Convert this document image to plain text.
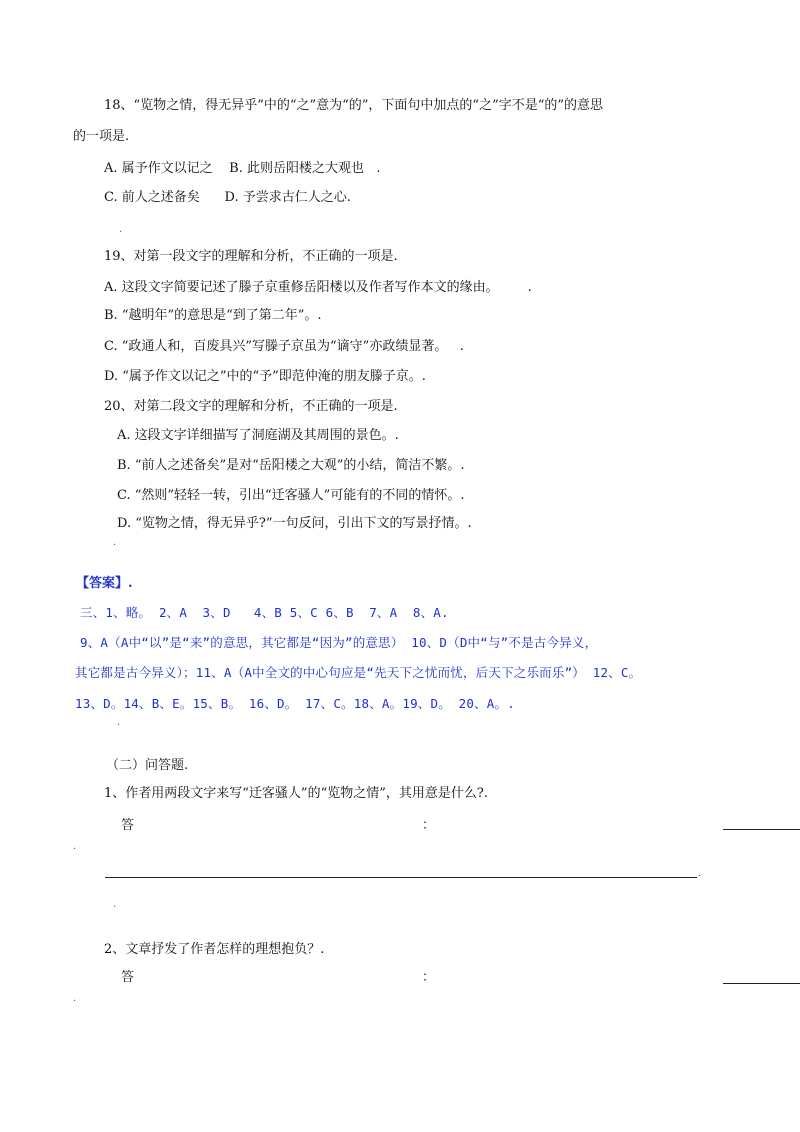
18、“览物之情，得无异乎”中的“之”意为“的”，下面句中加点的“之”字不是“的”的意思
的一项是.
A. 属予作文以记之    B. 此则岳阳楼之大观也   .
C. 前人之述备矣      D. 予尝求古仁人之心.
.
19、对第一段文字的理解和分析，不正确的一项是.
A. 这段文字简要记述了滕子京重修岳阳楼以及作者写作本文的缘由。       .
B. “越明年”的意思是“到了第二年”。.
C. “政通人和，百废具兴”写滕子京虽为“谪守”亦政绩显著。   .
D. “属予作文以记之”中的“予”即范仲淹的朋友滕子京。.
20、对第二段文字的理解和分析，不正确的一项是.
A. 这段文字详细描写了洞庭湖及其周围的景色。.
B. “前人之述备矣”是对“岳阳楼之大观”的小结，简洁不繁。.
C. “然则”轻轻一转，引出“迁客骚人”可能有的不同的情怀。.
D. “览物之情，得无异乎?”一句反问，引出下文的写景抒情。.
.
【答案】.
三、1、略。 2、A  3、D   4、B 5、C 6、B  7、A  8、A.
9、A（A中“以”是“来”的意思，其它都是“因为”的意思） 10、D（D中“与”不是古今异义，
其它都是古今异义）；11、A（A中全文的中心句应是“先天下之忧而忧，后天下之乐而乐”） 12、C。
13、D。14、B、E。15、B。 16、D。 17、C。18、A。19、D。 20、A。.
.
（二）问答题.
1、作者用两段文字来写“迁客骚人”的“览物之情”，其用意是什么?.
答	：
.
.
.
2、文章抒发了作者怎样的理想抱负？.
答	：
.
